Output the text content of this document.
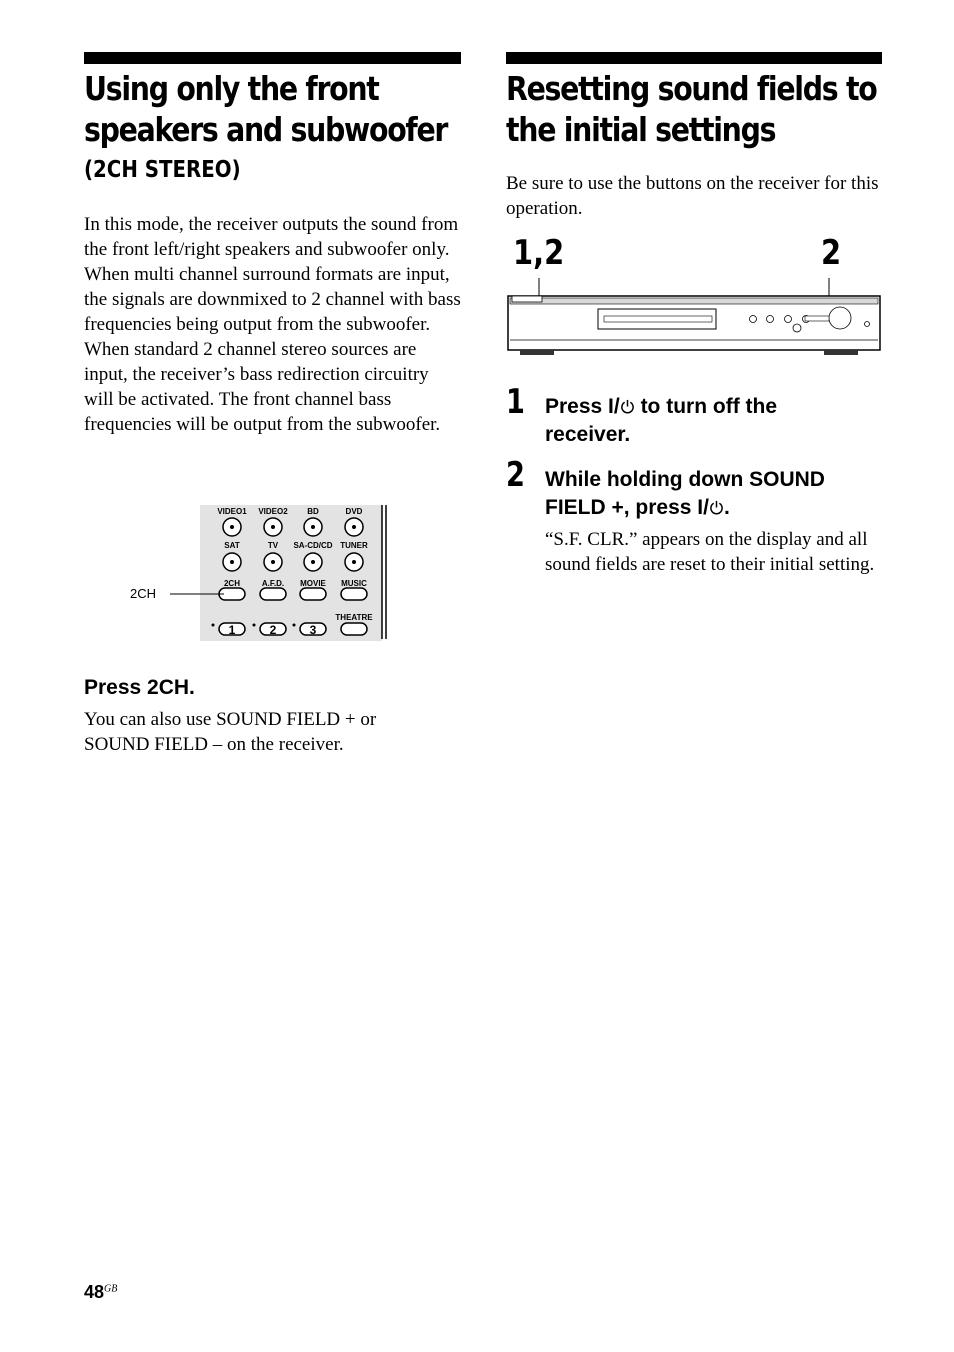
Using only the front
speakers and subwoofer
(2CH STEREO)
In this mode, the receiver outputs the sound from the front left/right speakers and subwoofer only.
When multi channel surround formats are input, the signals are downmixed to 2 channel with bass frequencies being output from the subwoofer.
When standard 2 channel stereo sources are input, the receiver’s bass redirection circuitry will be activated. The front channel bass frequencies will be output from the subwoofer.
VIDEO1 VIDEO2 BD	DVD
SAT	TV SA-CD/CD TUNER
2CH	A.F.D. MOVIE MUSIC
THEATRE
1	2	3
2CH
Press 2CH.
You can also use SOUND FIELD + or SOUND FIELD – on the receiver.
Resetting sound fields to
the initial settings
Be sure to use the buttons on the receiver for this operation.
1,2	2
1 Press I/ to turn off the receiver.
2 While holding down SOUND FIELD +, press I/ .
“S.F. CLR.” appears on the display and all sound fields are reset to their initial setting.
$48^{GB}$
